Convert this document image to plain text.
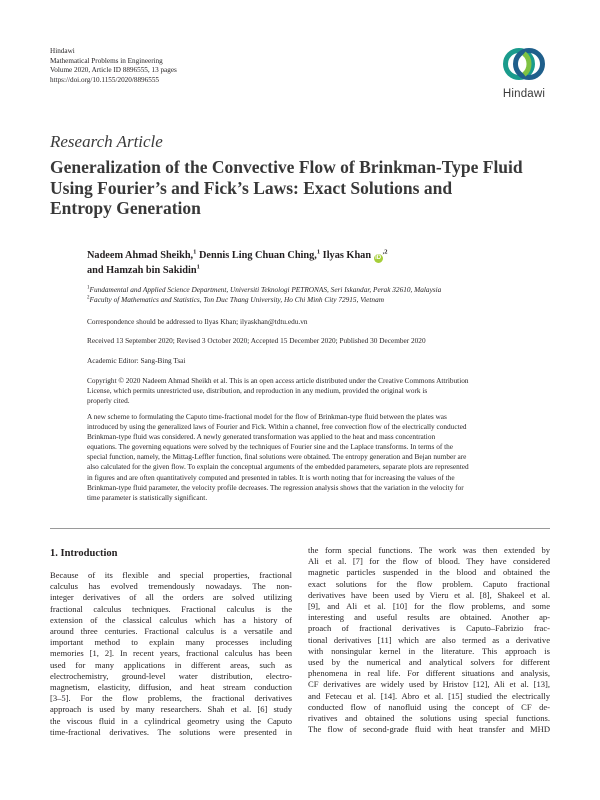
Hindawi
Mathematical Problems in Engineering
Volume 2020, Article ID 8896555, 13 pages
https://doi.org/10.1155/2020/8896555
Hindawi
Research Article
Generalization of the Convective Flow of Brinkman-Type Fluid
Using Fourier’s and Fick’s Laws: Exact Solutions and
Entropy Generation
Nadeem Ahmad Sheikh,$^1$ Dennis Ling Chuan Ching,$^1$ Ilyas Khan $iD^{,2}$
and Hamzah bin Sakidin$^1$
$^1$Fundamental and Applied Science Department, Universiti Teknologi PETRONAS, Seri Iskandar, Perak 32610, Malaysia
$^2$Faculty of Mathematics and Statistics, Ton Duc Thang University, Ho Chi Minh City 72915, Vietnam
Correspondence should be addressed to Ilyas Khan; ilyaskhan@tdtu.edu.vn
Received 13 September 2020; Revised 3 October 2020; Accepted 15 December 2020; Published 30 December 2020
Academic Editor: Sang-Bing Tsai
Copyright © 2020 Nadeem Ahmad Sheikh et al. This is an open access article distributed under the Creative Commons Attribution
License, which permits unrestricted use, distribution, and reproduction in any medium, provided the original work is
properly cited.
A new scheme to formulating the Caputo time-fractional model for the flow of Brinkman-type fluid between the plates was
introduced by using the generalized laws of Fourier and Fick. Within a channel, free convection flow of the electrically conducted
Brinkman-type fluid was considered. A newly generated transformation was applied to the heat and mass concentration
equations. The governing equations were solved by the techniques of Fourier sine and the Laplace transforms. In terms of the
special function, namely, the Mittag-Leffler function, final solutions were obtained. The entropy generation and Bejan number are
also calculated for the given flow. To explain the conceptual arguments of the embedded parameters, separate plots are represented
in figures and are often quantitatively computed and presented in tables. It is worth noting that for increasing the values of the
Brinkman-type fluid parameter, the velocity profile decreases. The regression analysis shows that the variation in the velocity for
time parameter is statistically significant.
1. Introduction
Because of its flexible and special properties, fractional
calculus has evolved tremendously nowadays. The non-
integer derivatives of all the orders are solved utilizing
fractional calculus techniques. Fractional calculus is the
extension of the classical calculus which has a history of
around three centuries. Fractional calculus is a versatile and
important method to explain many processes including
memories [1, 2]. In recent years, fractional calculus has been
used for many applications in different areas, such as
electrochemistry, ground-level water distribution, electro-
magnetism, elasticity, diffusion, and heat stream conduction
[3–5]. For the flow problems, the fractional derivatives
approach is used by many researchers. Shah et al. [6] study
the viscous fluid in a cylindrical geometry using the Caputo
time-fractional derivatives. The solutions were presented in
the form special functions. The work was then extended by
Ali et al. [7] for the flow of blood. They have considered
magnetic particles suspended in the blood and obtained the
exact solutions for the flow problem. Caputo fractional
derivatives have been used by Vieru et al. [8], Shakeel et al.
[9], and Ali et al. [10] for the flow problems, and some
interesting and useful results are obtained. Another ap-
proach of fractional derivatives is Caputo–Fabrizio frac-
tional derivatives [11] which are also termed as a derivative
with nonsingular kernel in the literature. This approach is
used by the numerical and analytical solvers for different
phenomena in real life. For different situations and analysis,
CF derivatives are widely used by Hristov [12], Ali et al. [13],
and Fetecau et al. [14]. Abro et al. [15] studied the electrically
conducted flow of nanofluid using the concept of CF de-
rivatives and obtained the solutions using special functions.
The flow of second-grade fluid with heat transfer and MHD
